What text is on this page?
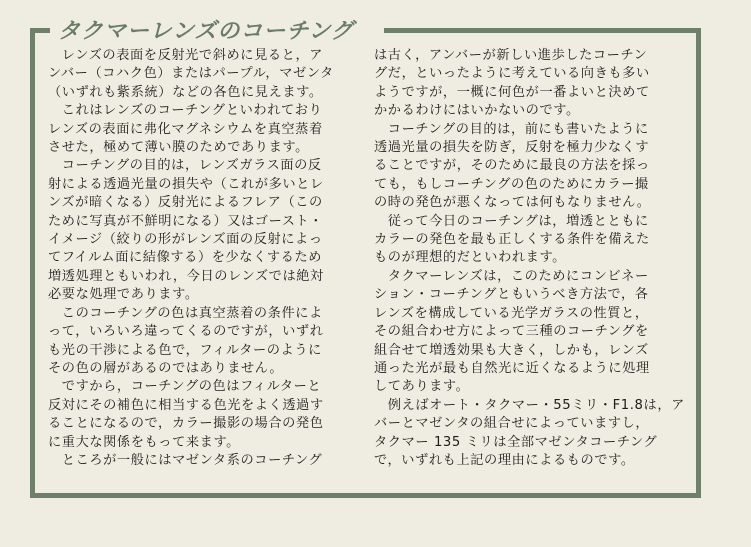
タクマーレンズのコーチング

　レンズの表面を反射光で斜めに見ると，ア

ンバー（コハク色）またはパープル，マゼンタ

（いずれも紫系統）などの各色に見えます。

　これはレンズのコーチングといわれており

レンズの表面に弗化マグネシウムを真空蒸着

させた，極めて薄い膜のためであります。

　コーチングの目的は，レンズガラス面の反

射による透過光量の損失や（これが多いとレ

ンズが暗くなる）反射光によるフレア（この

ために写真が不鮮明になる）又はゴースト・

イメージ（絞りの形がレンズ面の反射によっ

てフイルム面に結像する）を少なくするため

増透処理ともいわれ，今日のレンズでは絶対

必要な処理であります。

　このコーチングの色は真空蒸着の条件によ

って，いろいろ違ってくるのですが，いずれ

も光の干渉による色で，フィルターのように

その色の層があるのではありません。

　ですから，コーチングの色はフィルターと

反対にその補色に相当する色光をよく透過す

ることになるので，カラー撮影の場合の発色

に重大な関係をもって来ます。

　ところが一般にはマゼンタ系のコーチング

は古く，アンバーが新しい進歩したコーチン

グだ，といったように考えている向きも多い

ようですが，一概に何色が一番よいと決めて

かかるわけにはいかないのです。

　コーチングの目的は，前にも書いたように

透過光量の損失を防ぎ，反射を極力少なくす

ることですが，そのために最良の方法を採っ

ても，もしコーチングの色のためにカラー撮

の時の発色が悪くなっては何もなりません。

　従って今日のコーチングは，増透とともに

カラーの発色を最も正しくする条件を備えた

ものが理想的だといわれます。

　タクマーレンズは，このためにコンビネー

ション・コーチングともいうべき方法で，各

レンズを構成している光学ガラスの性質と，

その組合わせ方によって三種のコーチングを

組合せて増透効果も大きく，しかも，レンズ

通った光が最も自然光に近くなるように処理

してあります。

　例えばオート・タクマー・55ミリ・F1.8は，ア

バーとマゼンタの組合せによっていますし，

タクマー 135 ミリは全部マゼンタコーチング

で，いずれも上記の理由によるものです。
